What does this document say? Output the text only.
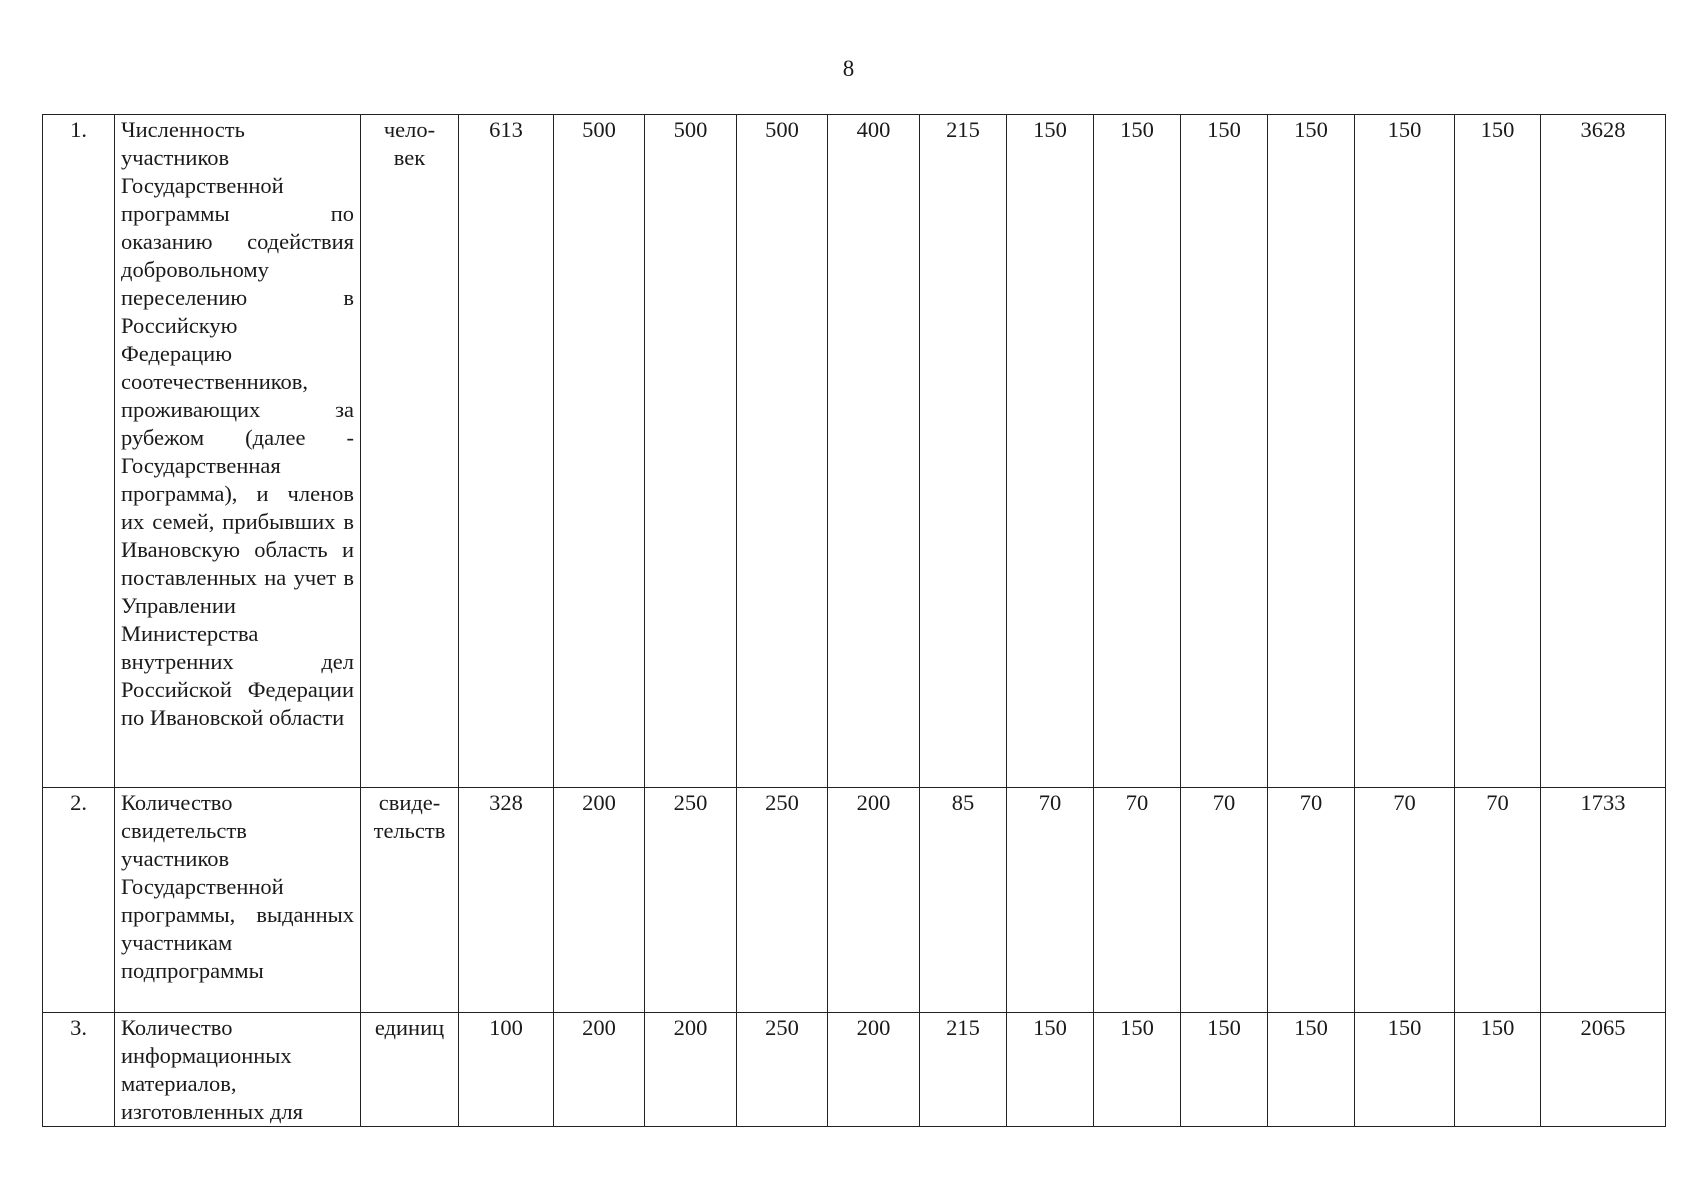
8
1.	Численность участников Государственной программы по оказанию содействия добровольному переселению в Российскую Федерацию соотечественников, проживающих за рубежом (далее - Государственная программа), и членов их семей, прибывших в Ивановскую область и поставленных на учет в Управлении Министерства внутренних дел Российской Федерации по Ивановской области	чело-
век	613	500	500	500	400	215	150	150	150	150	150	150	3628
2.	Количество свидетельств участников Государственной программы, выданных участникам подпрограммы	свиде-
тельств	328	200	250	250	200	85	70	70	70	70	70	70	1733
3.	Количество информационных материалов, изготовленных для	единиц	100	200	200	250	200	215	150	150	150	150	150	150	2065
